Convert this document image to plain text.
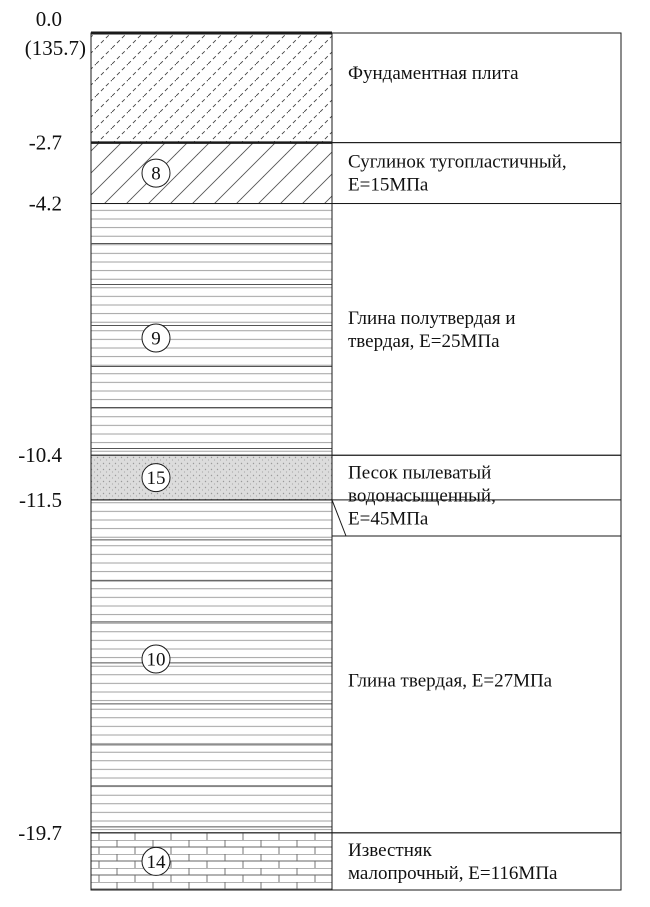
Фундаментная плита
Суглинок тугопластичный,
Е=15МПа
8
Глина полутвердая и
твердая, Е=25МПа
9
Песок пылеватый
водонасыщенный,
Е=45МПа
15
Глина твердая, Е=27МПа
10
Известняк
малопрочный, Е=116МПа
14
0.0
(135.7)
-2.7
-4.2
-10.4
-11.5
-19.7
